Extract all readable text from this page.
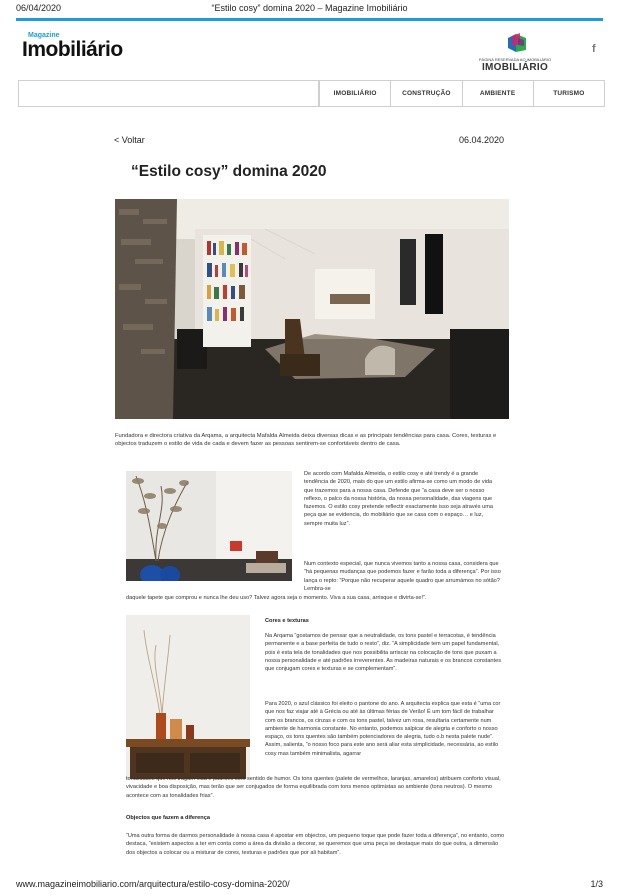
06/04/2020	“Estilo cosy” domina 2020 – Magazine Imobiliário
Magazine
Imobiliário	PÁGINA RESERVADA AO IMOBILIÁRIO
IMOBILIÁRIO
f
IMOBILIÁRIO	CONSTRUÇÃO	AMBIENTE	TURISMO
< Voltar	06.04.2020
“Estilo cosy” domina 2020

Fundadora e directora criativa da Arqama, a arquitecta Mafalda Almeida deixa diversas dicas e as principais tendências para casa. Cores, texturas e objectos traduzem o estilo de vida de cada e devem fazer as pessoas sentirem-se confortáveis dentro de casa.

De acordo com Mafalda Almeida, o estilo cosy e até trendy é a grande tendência de 2020, mais do que um estilo afirma-se como um modo de vida que trazemos para a nossa casa. Defende que “a casa deve ser o nosso reflexo, o palco da nossa história, da nossa personalidade, das viagens que fazemos. O estilo cosy pretende reflectir exactamente isso seja através uma peça que se evidencia, do mobiliário que se casa com o espaço… e luz, sempre muita luz”.

Num contexto especial, que nunca vivemos tanto a nossa casa, considera que “há pequenas mudanças que podemos fazer e farão toda a diferença”. Por isso lança o repto: “Porque não recuperar aquele quadro que arrumámos no sótão? Lembra-se

daquele tapete que comprou e nunca lhe deu uso? Talvez agora seja o momento. Viva a sua casa, arrisque e divirta-se!”.

Cores e texturas

Na Arqama “gostamos de pensar que a neutralidade, os tons pastel e terracotas, é tendência permanente e a base perfeita de tudo o resto”, diz. “A simplicidade tem um papel fundamental, pois é esta tela de tonalidades que nos possibilita arriscar na colocação de tons que puxam a nossa personalidade e até padrões irreverentes. As madeiras naturais e os brancos constantes que conjugam cores e texturas e se complementam”.

Para 2020, o azul clássico foi eleito o pantone do ano. A arquitecta explica que esta é “uma cor que nos faz viajar até à Grécia ou até às últimas férias de Verão! É um tom fácil de trabalhar com os brancos, os cinzas e com os tons pastel, talvez um rosa, resultaria certamente num ambiente de harmonia constante. No entanto, podemos salpicar de alegria e conforto o nosso espaço, os tons quentes são também potenciadores de alegria, tudo o.b nesta palete nude”. Assim, salienta, “o nosso foco para este ano será aliar esta simplicidade, necessária, ao estilo cosy mas também minimalista, agarrar

tonalidades que nos tragam vida e padrões com sentido de humor. Os tons quentes (palete de vermelhos, laranjas, amarelos) atribuem conforto visual, vivacidade e boa disposição, mas terão que ser conjugados de forma equilibrada com tons menos optimistas ao ambiente (tons neutros). O mesmo acontece com as tonalidades frias”.

Objectos que fazem a diferença

“Uma outra forma de darmos personalidade à nossa casa é apostar em objectos, um pequeno toque que pode fazer toda a diferença”, no entanto, como destaca, “existem aspectos a ter em conta como a área da divisão a decorar, se queremos que uma peça se destaque mais do que outra, a dimensão dos objectos a colocar ou a misturar de cores, texturas e padrões que por ali habitam”.

www.magazineimobiliario.com/arquitectura/estilo-cosy-domina-2020/	1/3
